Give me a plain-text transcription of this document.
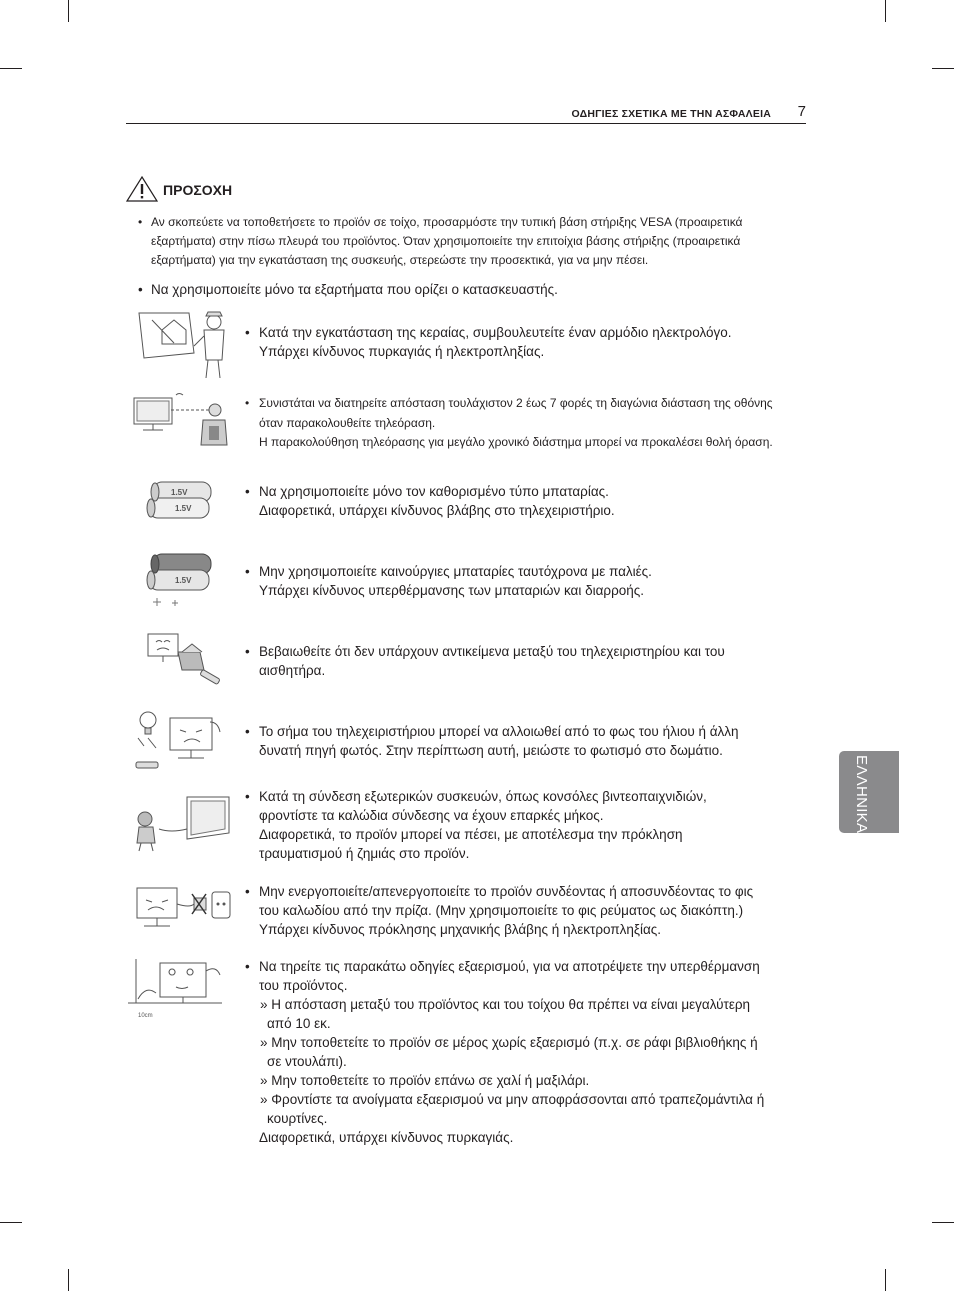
ΟΔΗΓΙΕΣ ΣΧΕΤΙΚΑ ΜΕ ΤΗΝ ΑΣΦΑΛΕΙΑ 7
ΕΛΛΗΝΙΚΑ
ΠΡΟΣΟΧΗ
• Αν σκοπεύετε να τοποθετήσετε το προϊόν σε τοίχο, προσαρμόστε την τυπική βάση στήριξης VESA (προαιρετικά
εξαρτήματα) στην πίσω πλευρά του προϊόντος. Όταν χρησιμοποιείτε την επιτοίχια βάσης στήριξης (προαιρετικά
εξαρτήματα) για την εγκατάσταση της συσκευής, στερεώστε την προσεκτικά, για να μην πέσει.
• Να χρησιμοποιείτε μόνο τα εξαρτήματα που ορίζει ο κατασκευαστής.
1.5V
1.5V
1.5V
10cm
• Κατά την εγκατάσταση της κεραίας, συμβουλευτείτε έναν αρμόδιο ηλεκτρολόγο.
Υπάρχει κίνδυνος πυρκαγιάς ή ηλεκτροπληξίας.
• Συνιστάται να διατηρείτε απόσταση τουλάχιστον 2 έως 7 φορές τη διαγώνια διάσταση της οθόνης
όταν παρακολουθείτε τηλεόραση.
Η παρακολούθηση τηλεόρασης για μεγάλο χρονικό διάστημα μπορεί να προκαλέσει θολή όραση.
• Να χρησιμοποιείτε μόνο τον καθορισμένο τύπο μπαταρίας.
Διαφορετικά, υπάρχει κίνδυνος βλάβης στο τηλεχειριστήριο.
• Μην χρησιμοποιείτε καινούργιες μπαταρίες ταυτόχρονα με παλιές.
Υπάρχει κίνδυνος υπερθέρμανσης των μπαταριών και διαρροής.
• Βεβαιωθείτε ότι δεν υπάρχουν αντικείμενα μεταξύ του τηλεχειριστηρίου και του
αισθητήρα.
• Το σήμα του τηλεχειριστήριου μπορεί να αλλοιωθεί από το φως του ήλιου ή άλλη
δυνατή πηγή φωτός. Στην περίπτωση αυτή, μειώστε το φωτισμό στο δωμάτιο.
• Κατά τη σύνδεση εξωτερικών συσκευών, όπως κονσόλες βιντεοπαιχνιδιών,
φροντίστε τα καλώδια σύνδεσης να έχουν επαρκές μήκος.
Διαφορετικά, το προϊόν μπορεί να πέσει, με αποτέλεσμα την πρόκληση
τραυματισμού ή ζημιάς στο προϊόν.
• Μην ενεργοποιείτε/απενεργοποιείτε το προϊόν συνδέοντας ή αποσυνδέοντας το φις
του καλωδίου από την πρίζα. (Μην χρησιμοποιείτε το φις ρεύματος ως διακόπτη.)
Υπάρχει κίνδυνος πρόκλησης μηχανικής βλάβης ή ηλεκτροπληξίας.
• Να τηρείτε τις παρακάτω οδηγίες εξαερισμού, για να αποτρέψετε την υπερθέρμανση
του προϊόντος.
» Η απόσταση μεταξύ του προϊόντος και του τοίχου θα πρέπει να είναι μεγαλύτερη
από 10 εκ.
» Μην τοποθετείτε το προϊόν σε μέρος χωρίς εξαερισμό (π.χ. σε ράφι βιβλιοθήκης ή
σε ντουλάπι).
» Μην τοποθετείτε το προϊόν επάνω σε χαλί ή μαξιλάρι.
» Φροντίστε τα ανοίγματα εξαερισμού να μην αποφράσσονται από τραπεζομάντιλα ή
κουρτίνες.
Διαφορετικά, υπάρχει κίνδυνος πυρκαγιάς.
